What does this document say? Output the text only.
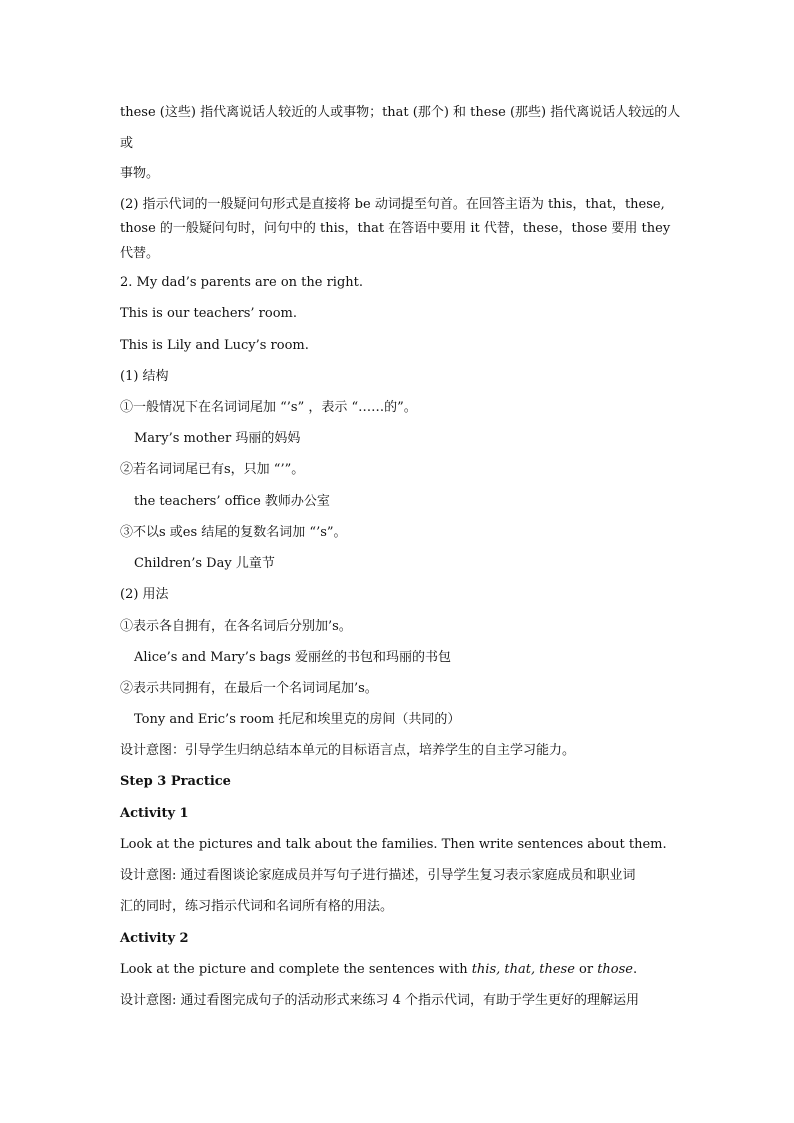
these (这些) 指代离说话人较近的人或事物；that (那个) 和 these (那些) 指代离说话人较远的人
或
事物。
(2) 指示代词的一般疑问句形式是直接将 be 动词提至句首。在回答主语为 this，that，these,
those 的一般疑问句时，问句中的 this，that 在答语中要用 it 代替，these，those 要用 they
代替。
2. My dad’s parents are on the right.
This is our teachers’ room.
This is Lily and Lucy’s room.
(1) 结构
①一般情况下在名词词尾加 “’s” ，表示 “……的”。
Mary’s mother 玛丽的妈妈
②若名词词尾已有s，只加 “’”。
the teachers’ office 教师办公室
③不以s 或es 结尾的复数名词加 “’s”。
Children’s Day 儿童节
(2) 用法
①表示各自拥有，在各名词后分别加’s。
Alice’s and Mary’s bags 爱丽丝的书包和玛丽的书包
②表示共同拥有，在最后一个名词词尾加’s。
Tony and Eric’s room 托尼和埃里克的房间（共同的）
设计意图：引导学生归纳总结本单元的目标语言点，培养学生的自主学习能力。
Step 3 Practice
Activity 1
Look at the pictures and talk about the families. Then write sentences about them.
设计意图: 通过看图谈论家庭成员并写句子进行描述，引导学生复习表示家庭成员和职业词
汇的同时，练习指示代词和名词所有格的用法。
Activity 2
Look at the picture and complete the sentences with this, that, these or those.
设计意图: 通过看图完成句子的活动形式来练习 4 个指示代词，有助于学生更好的理解运用
